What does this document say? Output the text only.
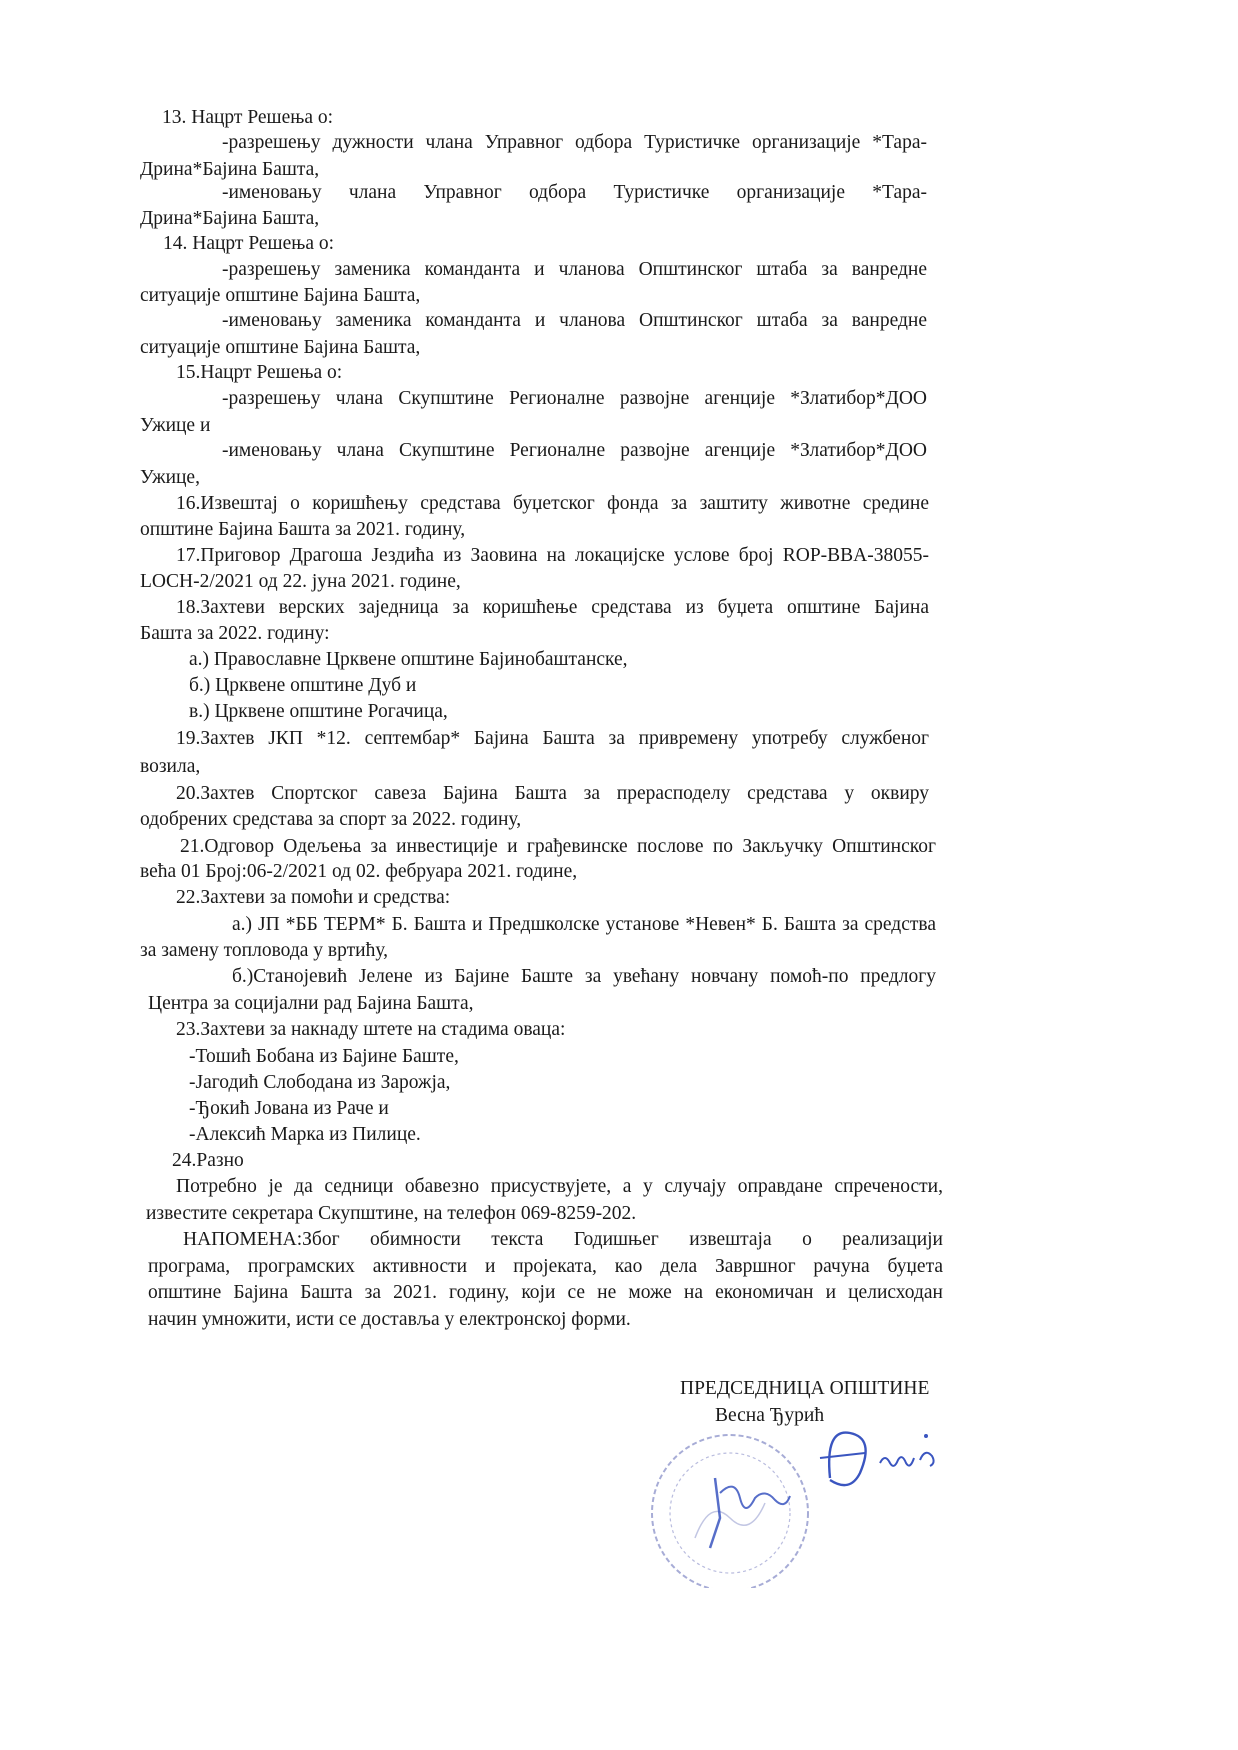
13. Нацрт Решења о:
-разрешењу дужности члана Управног одбора Туристичке организације *Тара-
Дрина*Бајина Башта,
-именовању члана Управног одбора Туристичке организације *Тара-
Дрина*Бајина Башта,
14. Нацрт Решења о:
-разрешењу заменика команданта и чланова Општинског штаба за ванредне
ситуације општине Бајина Башта,
-именовању заменика команданта и чланова Општинског штаба за ванредне
ситуације општине Бајина Башта,
15.Нацрт Решења о:
-разрешењу члана Скупштине Регионалне развојне агенције *Златибор*ДОО
Ужице и
-именовању члана Скупштине Регионалне развојне агенције *Златибор*ДОО
Ужице,
16.Извештај о коришћењу средстава буџетског фонда за заштиту животне средине
општине Бајина Башта за 2021. годину,
17.Приговор Драгоша Јездића из Заовина на локацијске услове број ROP-BBA-38055-
LOCH-2/2021 од 22. јуна 2021. године,
18.Захтеви верских заједница за коришћење средстава из буџета општине Бајина
Башта за 2022. годину:
а.) Православне Црквене општине Бајинобаштанске,
б.) Црквене општине Дуб и
в.) Црквене општине Рогачица,
19.Захтев ЈКП *12. септембар* Бајина Башта за привремену употребу службеног
возила,
20.Захтев Спортског савеза Бајина Башта за прерасподелу средстава у оквиру
одобрених средстава за спорт за 2022. годину,
21.Одговор Одељења за инвестиције и грађевинске послове по Закључку Општинског
већа 01 Број:06-2/2021 од 02. фебруара 2021. године,
22.Захтеви за помоћи и средства:
а.) ЈП *ББ ТЕРМ* Б. Башта и Предшколске установе *Невен* Б. Башта за средства
за замену топловода у вртићу,
б.)Станојевић Јелене из Бајине Баште за увећану новчану помоћ-по предлогу
Центра за социјални рад Бајина Башта,
23.Захтеви за накнаду штете на стадима оваца:
-Тошић Бобана из Бајине Баште,
-Јагодић Слободана из Зарожја,
-Ђокић Јована из Раче и
-Алексић Марка из Пилице.
24.Разно
Потребно је да седници обавезно присуствујете, а у случају оправдане спречености,
известите секретара Скупштине, на телефон 069-8259-202.
НАПОМЕНА:Због обимности текста Годишњег извештаја о реализацији
програма, програмских активности и пројеката, као дела Завршног рачуна буџета
општине Бајина Башта за 2021. годину, који се не може на економичан и целисходан
начин умножити, исти се доставља у електронској форми.
ПРЕДСЕДНИЦА ОПШТИНЕ
Весна Ђурић
